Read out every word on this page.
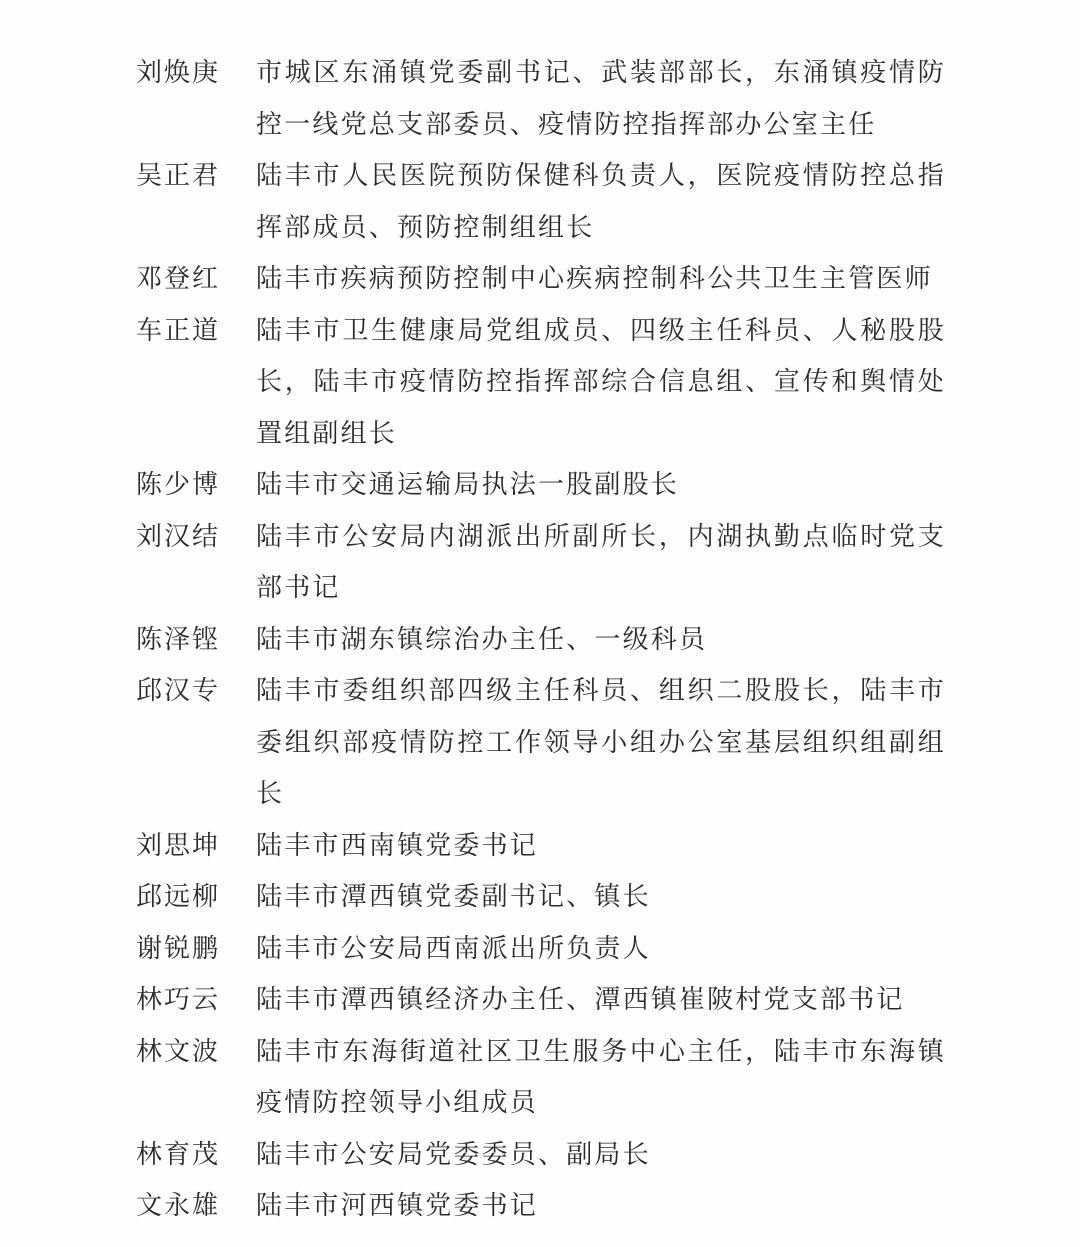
刘焕庚	市城区东涌镇党委副书记、武装部部长，东涌镇疫情防控一线党总支部委员、疫情防控指挥部办公室主任
吴正君	陆丰市人民医院预防保健科负责人，医院疫情防控总指挥部成员、预防控制组组长
邓登红	陆丰市疾病预防控制中心疾病控制科公共卫生主管医师
车正道	陆丰市卫生健康局党组成员、四级主任科员、人秘股股长，陆丰市疫情防控指挥部综合信息组、宣传和舆情处置组副组长
陈少博	陆丰市交通运输局执法一股副股长
刘汉结	陆丰市公安局内湖派出所副所长，内湖执勤点临时党支部书记
陈泽铿	陆丰市湖东镇综治办主任、一级科员
邱汉专	陆丰市委组织部四级主任科员、组织二股股长，陆丰市委组织部疫情防控工作领导小组办公室基层组织组副组长
刘思坤	陆丰市西南镇党委书记
邱远柳	陆丰市潭西镇党委副书记、镇长
谢锐鹏	陆丰市公安局西南派出所负责人
林巧云	陆丰市潭西镇经济办主任、潭西镇崔陂村党支部书记
林文波	陆丰市东海街道社区卫生服务中心主任，陆丰市东海镇疫情防控领导小组成员
林育茂	陆丰市公安局党委委员、副局长
文永雄	陆丰市河西镇党委书记
